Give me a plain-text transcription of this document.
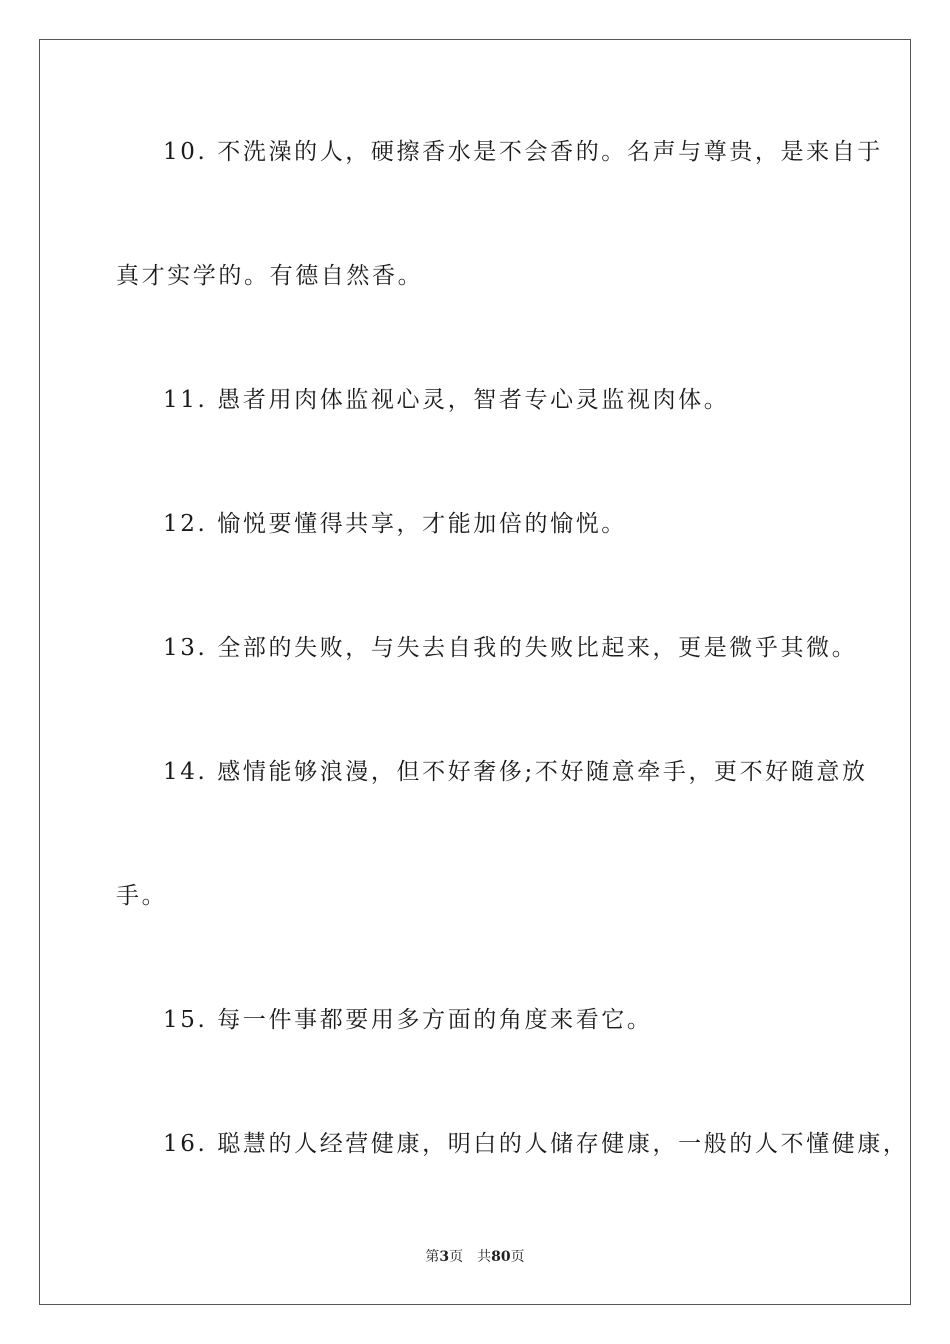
10. 不洗澡的人，硬擦香水是不会香的。名声与尊贵，是来自于
真才实学的。有德自然香。
11. 愚者用肉体监视心灵，智者专心灵监视肉体。
12. 愉悦要懂得共享，才能加倍的愉悦。
13. 全部的失败，与失去自我的失败比起来，更是微乎其微。
14. 感情能够浪漫，但不好奢侈;不好随意牵手，更不好随意放
手。
15. 每一件事都要用多方面的角度来看它。
16. 聪慧的人经营健康，明白的人储存健康，一般的人不懂健康，
第3页 共80页
